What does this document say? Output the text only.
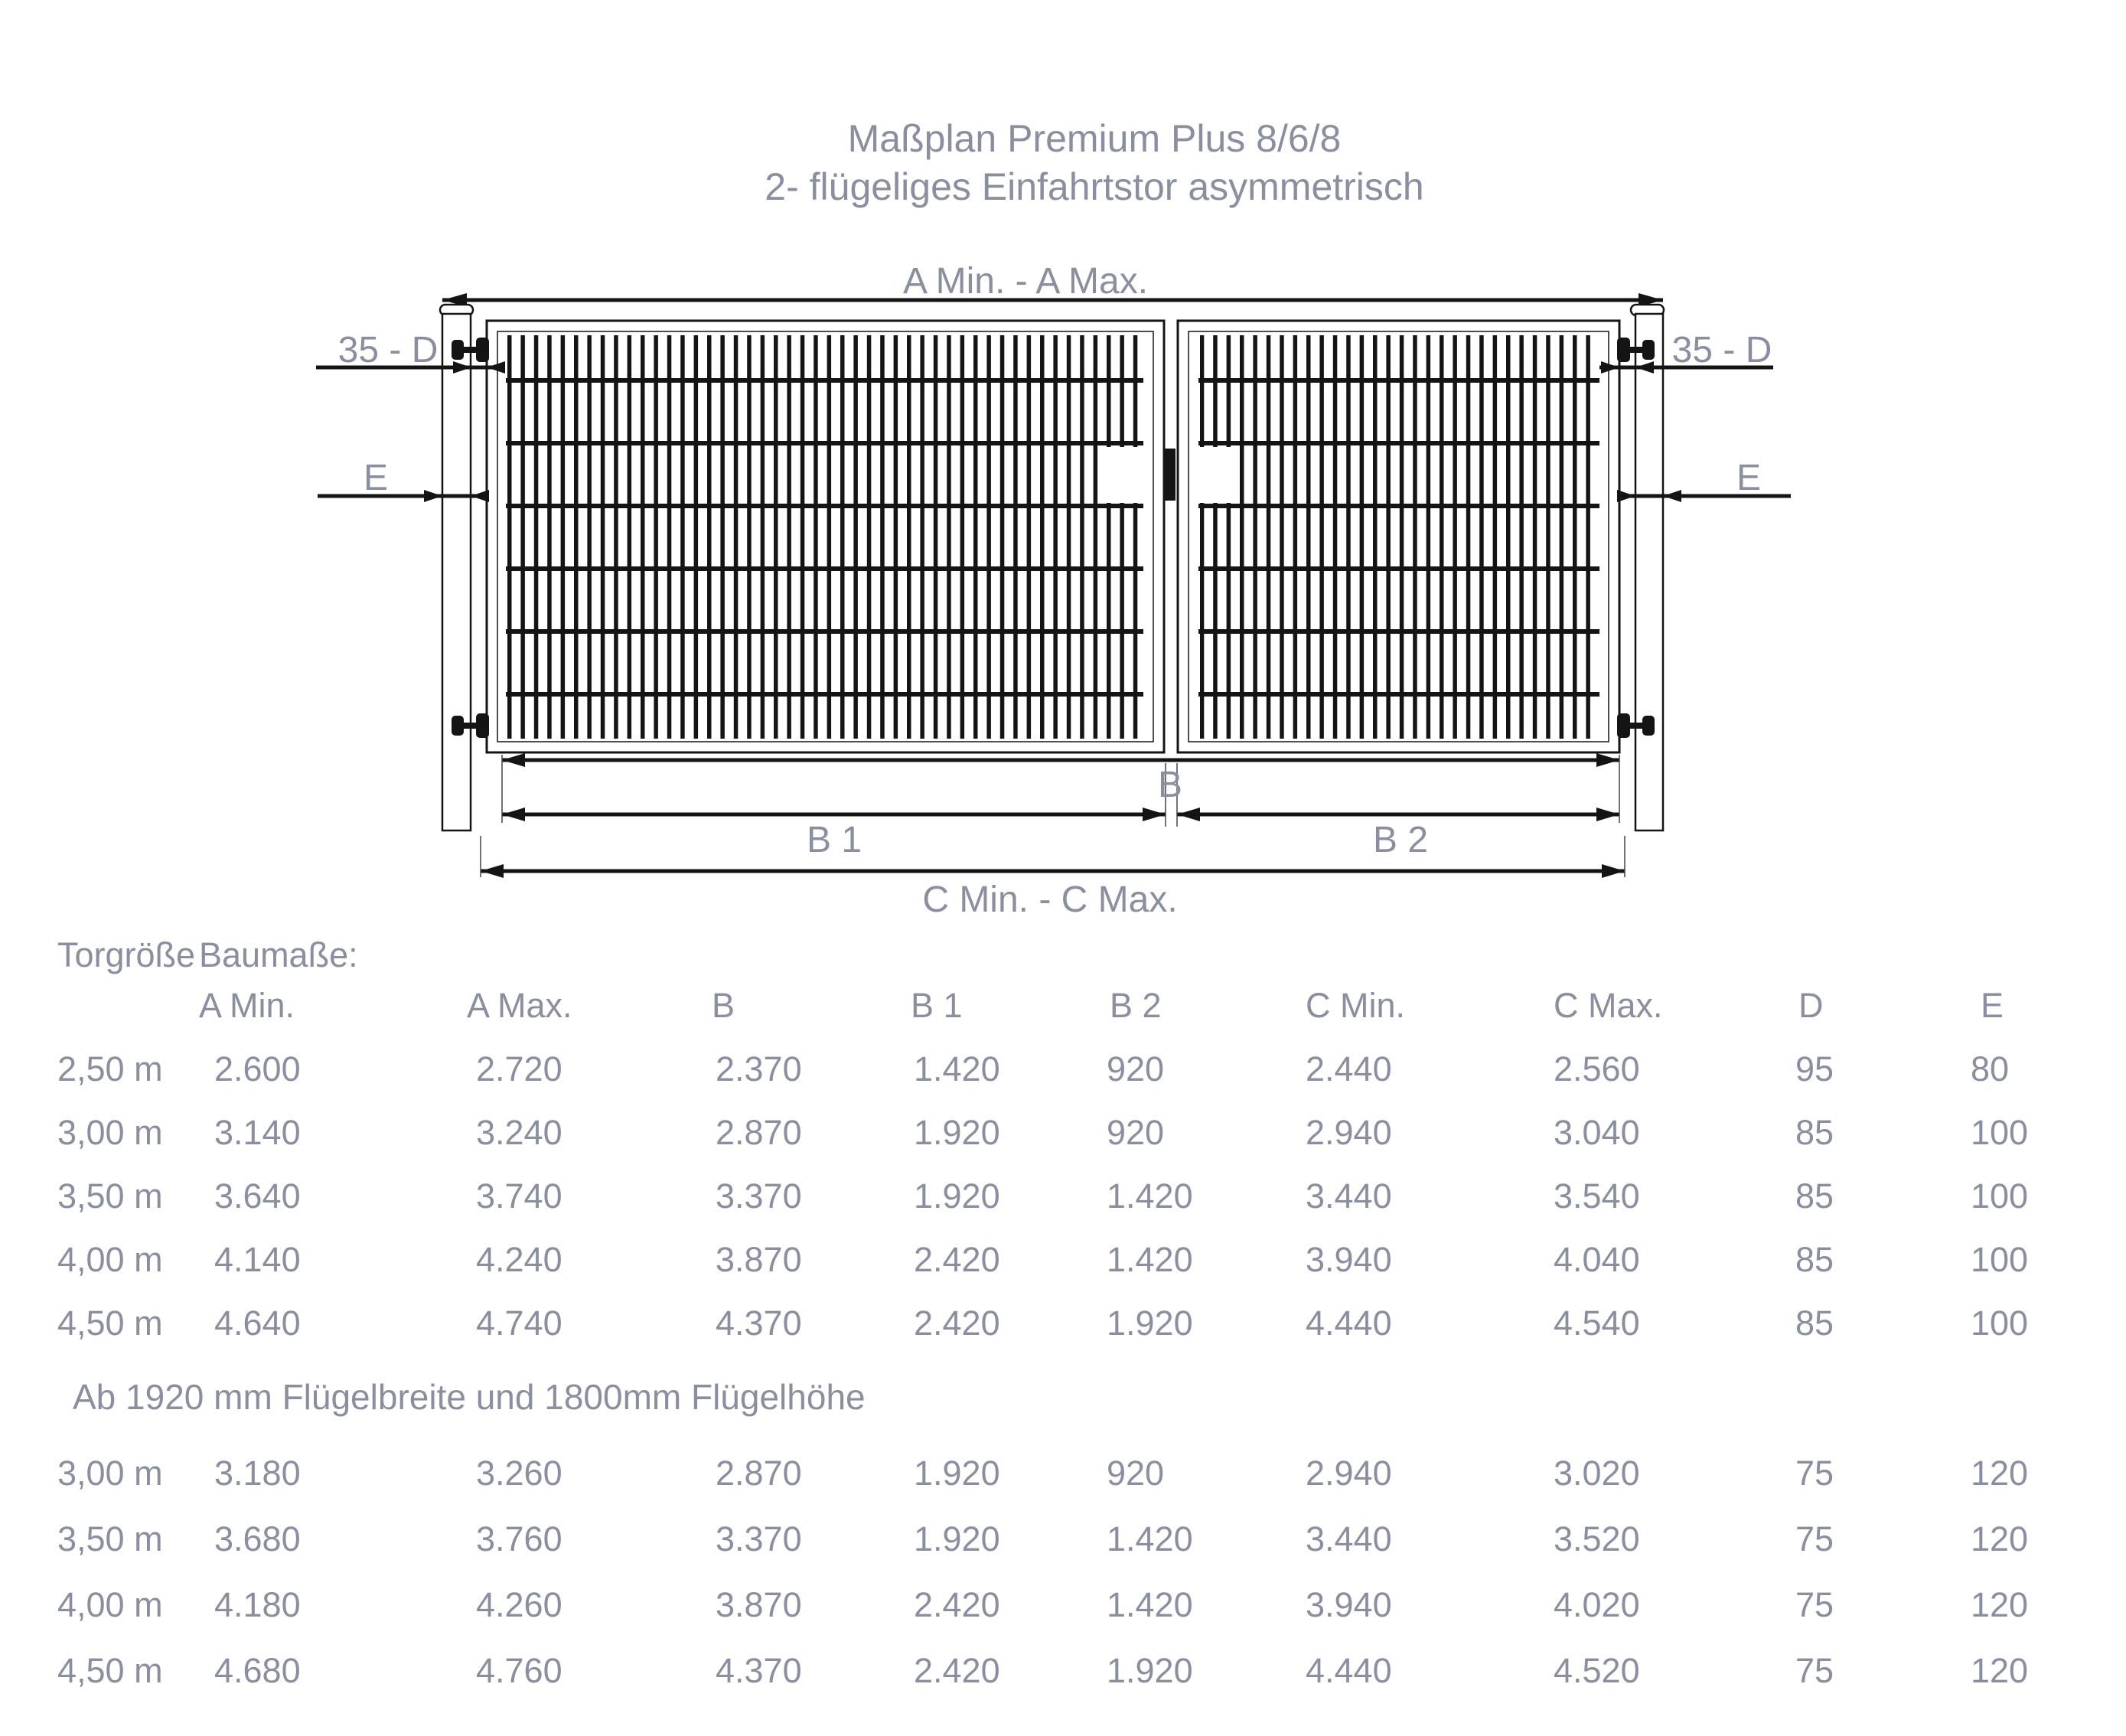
Maßplan Premium Plus 8/6/8
2- flügeliges Einfahrtstor asymmetrisch
A Min. - A Max.
35 - D	35 - D
E	E
B
B 1	B 2
C Min. - C Max.
Torgröße Baumaße:
A Min.	A Max.	B	B 1	B 2	C Min.	C Max.	D	E
Ab 1920 mm Flügelbreite und 1800mm Flügelhöhe
2,50 m 2.600	2.720	2.370	1.420	920	2.440	2.560	95	80
3,00 m 3.140	3.240	2.870	1.920	920	2.940	3.040	85	100
3,50 m 3.640	3.740	3.370	1.920	1.420	3.440	3.540	85	100
4,00 m 4.140	4.240	3.870	2.420	1.420	3.940	4.040	85	100
4,50 m 4.640	4.740	4.370	2.420	1.920	4.440	4.540	85	100
3,00 m 3.180	3.260	2.870	1.920	920	2.940	3.020	75	120
3,50 m 3.680	3.760	3.370	1.920	1.420	3.440	3.520	75	120
4,00 m 4.180	4.260	3.870	2.420	1.420	3.940	4.020	75	120
4,50 m 4.680	4.760	4.370	2.420	1.920	4.440	4.520	75	120
